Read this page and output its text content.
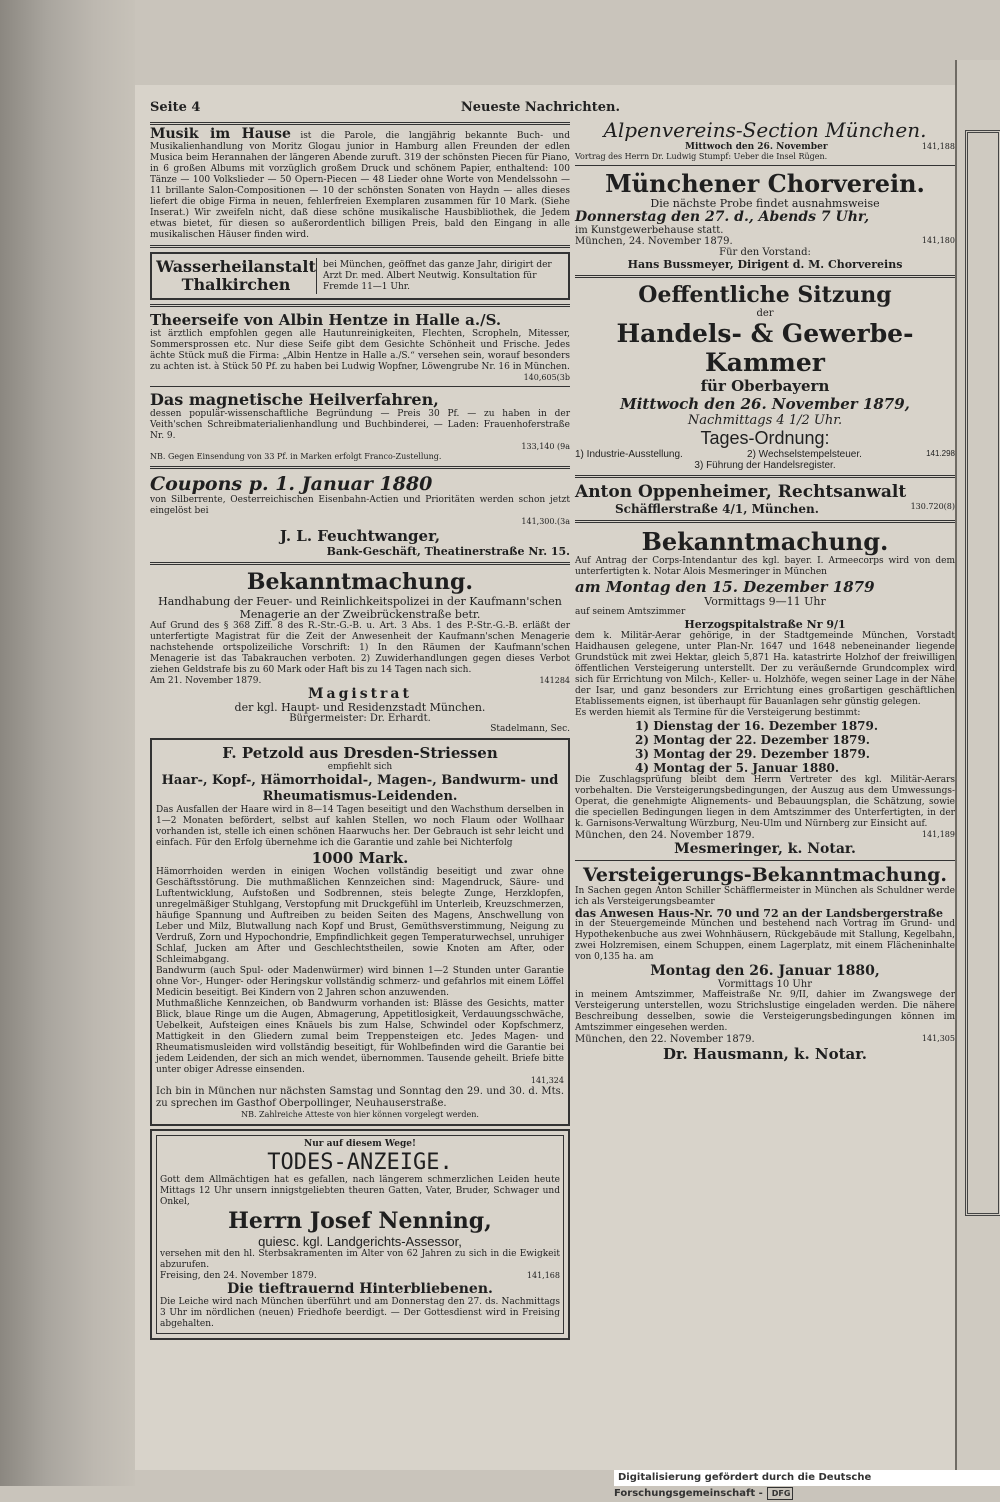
Seite 4	Neueste Nachrichten.

Musik im Hause ist die Parole, die langjährig bekannte Buch- und Musikalienhandlung von Moritz Glogau junior in Hamburg allen Freunden der edlen Musica beim Herannahen der längeren Abende zuruft. 319 der schönsten Piecen für Piano, in 6 großen Albums mit vorzüglich großem Druck und schönem Papier, enthaltend: 100 Tänze — 100 Volkslieder — 50 Opern-Piecen — 48 Lieder ohne Worte von Mendelssohn — 11 brillante Salon-Compositionen — 10 der schönsten Sonaten von Haydn — alles dieses liefert die obige Firma in neuen, fehlerfreien Exemplaren zusammen für 10 Mark. (Siehe Inserat.) Wir zweifeln nicht, daß diese schöne musikalische Hausbibliothek, die Jedem etwas bietet, für diesen so außerordentlich billigen Preis, bald den Eingang in alle musikalischen Häuser finden wird.

Wasserheilanstalt Thalkirchen
bei München, geöffnet das ganze Jahr, dirigirt der Arzt Dr. med. Albert Neutwig. Konsultation für Fremde 11—1 Uhr.
Theerseife von Albin Hentze in Halle a./S.

ist ärztlich empfohlen gegen alle Hautunreinigkeiten, Flechten, Scropheln, Mitesser, Sommersprossen etc. Nur diese Seife gibt dem Gesichte Schönheit und Frische. Jedes ächte Stück muß die Firma: „Albin Hentze in Halle a./S.“ versehen sein, worauf besonders zu achten ist. à Stück 50 Pf. zu haben bei Ludwig Wopfner, Löwengrube Nr. 16 in München.

140,605(3b

Das magnetische Heilverfahren,

dessen populär-wissenschaftliche Begründung — Preis 30 Pf. — zu haben in der Veith'schen Schreibmaterialienhandlung und Buchbinderei, — Laden: Frauenhoferstraße Nr. 9.

133,140 (9a

NB. Gegen Einsendung von 33 Pf. in Marken erfolgt Franco-Zustellung.

Coupons p. 1. Januar 1880

von Silberrente, Oesterreichischen Eisenbahn-Actien und Prioritäten werden schon jetzt eingelöst bei

141,300.(3a

J. L. Feuchtwanger,
Bank-Geschäft, Theatinerstraße Nr. 15.
Bekanntmachung.

Handhabung der Feuer- und Reinlichkeitspolizei in der Kaufmann'schen Menagerie an der Zweibrückenstraße betr.

Auf Grund des § 368 Ziff. 8 des R.-Str.-G.-B. u. Art. 3 Abs. 1 des P.-Str.-G.-B. erläßt der unterfertigte Magistrat für die Zeit der Anwesenheit der Kaufmann'schen Menagerie nachstehende ortspolizeiliche Vorschrift: 1) In den Räumen der Kaufmann'schen Menagerie ist das Tabakrauchen verboten. 2) Zuwiderhandlungen gegen dieses Verbot ziehen Geldstrafe bis zu 60 Mark oder Haft bis zu 14 Tagen nach sich.

Am 21. November 1879.	141284
Magistrat

der kgl. Haupt- und Residenzstadt München.

Bürgermeister: Dr. Erhardt.

Stadelmann, Sec.

F. Petzold aus Dresden-Striessen

empfiehlt sich

Haar-, Kopf-, Hämorrhoidal-, Magen-, Bandwurm- und Rheumatismus-Leidenden.

Das Ausfallen der Haare wird in 8—14 Tagen beseitigt und den Wachsthum derselben in 1—2 Monaten befördert, selbst auf kahlen Stellen, wo noch Flaum oder Wollhaar vorhanden ist, stelle ich einen schönen Haarwuchs her. Der Gebrauch ist sehr leicht und einfach. Für den Erfolg übernehme ich die Garantie und zahle bei Nichterfolg

1000 Mark.

Hämorrhoiden werden in einigen Wochen vollständig beseitigt und zwar ohne Geschäftsstörung. Die muthmaßlichen Kennzeichen sind: Magendruck, Säure- und Luftentwicklung, Aufstoßen und Sodbrennen, steis belegte Zunge, Herzklopfen, unregelmäßiger Stuhlgang, Verstopfung mit Druckgefühl im Unterleib, Kreuzschmerzen, häufige Spannung und Auftreiben zu beiden Seiten des Magens, Anschwellung von Leber und Milz, Blutwallung nach Kopf und Brust, Gemüthsverstimmung, Neigung zu Verdruß, Zorn und Hypochondrie, Empfindlichkeit gegen Temperaturwechsel, unruhiger Schlaf, Jucken am After und Geschlechtstheilen, sowie Knoten am After, oder Schleimabgang.

Bandwurm (auch Spul- oder Madenwürmer) wird binnen 1—2 Stunden unter Garantie ohne Vor-, Hunger- oder Heringskur vollständig schmerz- und gefahrlos mit einem Löffel Medicin beseitigt. Bei Kindern von 2 Jahren schon anzuwenden.

Muthmaßliche Kennzeichen, ob Bandwurm vorhanden ist: Blässe des Gesichts, matter Blick, blaue Ringe um die Augen, Abmagerung, Appetitlosigkeit, Verdauungsschwäche, Uebelkeit, Aufsteigen eines Knäuels bis zum Halse, Schwindel oder Kopfschmerz, Mattigkeit in den Gliedern zumal beim Treppensteigen etc. Jedes Magen- und Rheumatismusleiden wird vollständig beseitigt, für Wohlbefinden wird die Garantie bei jedem Leidenden, der sich an mich wendet, übernommen. Tausende geheilt. Briefe bitte unter obiger Adresse einsenden.

141,324

Ich bin in München nur nächsten Samstag und Sonntag den 29. und 30. d. Mts. zu sprechen im Gasthof Oberpollinger, Neuhauserstraße.

NB. Zahlreiche Atteste von hier können vorgelegt werden.

Nur auf diesem Wege!

TODES-ANZEIGE.

Gott dem Allmächtigen hat es gefallen, nach längerem schmerzlichen Leiden heute Mittags 12 Uhr unsern innigstgeliebten theuren Gatten, Vater, Bruder, Schwager und Onkel,

Herrn Josef Nenning,
quiesc. kgl. Landgerichts-Assessor,

versehen mit den hl. Sterbsakramenten im Alter von 62 Jahren zu sich in die Ewigkeit abzurufen.

Freising, den 24. November 1879.	141,168
Die tieftrauernd Hinterbliebenen.

Die Leiche wird nach München überführt und am Donnerstag den 27. ds. Nachmittags 3 Uhr im nördlichen (neuen) Friedhofe beerdigt. — Der Gottesdienst wird in Freising abgehalten.

Alpenvereins-Section München.
Mittwoch den 26. November	141,188

Vortrag des Herrn Dr. Ludwig Stumpf: Ueber die Insel Rügen.

Münchener Chorverein.

Die nächste Probe findet ausnahmsweise

Donnerstag den 27. d., Abends 7 Uhr,

im Kunstgewerbehause statt.

München, 24. November 1879.	141,180

Für den Vorstand:

Hans Bussmeyer, Dirigent d. M. Chorvereins
Oeffentliche Sitzung

der

Handels- & Gewerbe-Kammer
für Oberbayern
Mittwoch den 26. November 1879,
Nachmittags 4 1/2 Uhr.
Tages-Ordnung:
1) Industrie-Ausstellung.	2) Wechselstempelsteuer.	141.298

3) Führung der Handelsregister.

Anton Oppenheimer, Rechtsanwalt
Schäfflerstraße 4/1, München.	130.720(8)
Bekanntmachung.

Auf Antrag der Corps-Intendantur des kgl. bayer. I. Armeecorps wird von dem unterfertigten k. Notar Alois Mesmeringer in München

am Montag den 15. Dezember 1879

Vormittags 9—11 Uhr

auf seinem Amtszimmer

Herzogspitalstraße Nr 9/1

dem k. Militär-Aerar gehörige, in der Stadtgemeinde München, Vorstadt Haidhausen gelegene, unter Plan-Nr. 1647 und 1648 nebeneinander liegende Grundstück mit zwei Hektar, gleich 5,871 Ha. katastrirte Holzhof der freiwilligen öffentlichen Versteigerung unterstellt. Der zu veräußernde Grundcomplex wird sich für Errichtung von Milch-, Keller- u. Holzhöfe, wegen seiner Lage in der Nähe der Isar, und ganz besonders zur Errichtung eines großartigen geschäftlichen Etablissements eignen, ist überhaupt für Bauanlagen sehr günstig gelegen.

Es werden hiemit als Termine für die Versteigerung bestimmt:

1) Dienstag der 16. Dezember 1879.
2) Montag der 22. Dezember 1879.
3) Montag der 29. Dezember 1879.
4) Montag der 5. Januar 1880.

Die Zuschlagsprüfung bleibt dem Herrn Vertreter des kgl. Militär-Aerars vorbehalten. Die Versteigerungsbedingungen, der Auszug aus dem Umwessungs-Operat, die genehmigte Alignements- und Bebauungsplan, die Schätzung, sowie die speciellen Bedingungen liegen in dem Amtszimmer des Unterfertigten, in der k. Garnisons-Verwaltung Würzburg, Neu-Ulm und Nürnberg zur Einsicht auf.

München, den 24. November 1879.	141,189
Mesmeringer, k. Notar.
Versteigerungs-Bekanntmachung.

In Sachen gegen Anton Schiller Schäfflermeister in München als Schuldner werde ich als Versteigerungsbeamter

das Anwesen Haus-Nr. 70 und 72 an der Landsbergerstraße

in der Steuergemeinde München und bestehend nach Vortrag im Grund- und Hypothekenbuche aus zwei Wohnhäusern, Rückgebäude mit Stallung, Kegelbahn, zwei Holzremisen, einem Schuppen, einem Lagerplatz, mit einem Flächeninhalte von 0,135 ha. am

Montag den 26. Januar 1880,

Vormittags 10 Uhr

in meinem Amtszimmer, Maffeistraße Nr. 9/II, dahier im Zwangswege der Versteigerung unterstellen, wozu Strichslustige eingeladen werden. Die nähere Beschreibung desselben, sowie die Versteigerungsbedingungen können im Amtszimmer eingesehen werden.

München, den 22. November 1879.	141,305
Dr. Hausmann, k. Notar.
Digitalisierung gefördert durch die Deutsche Forschungsgemeinschaft - DFG
